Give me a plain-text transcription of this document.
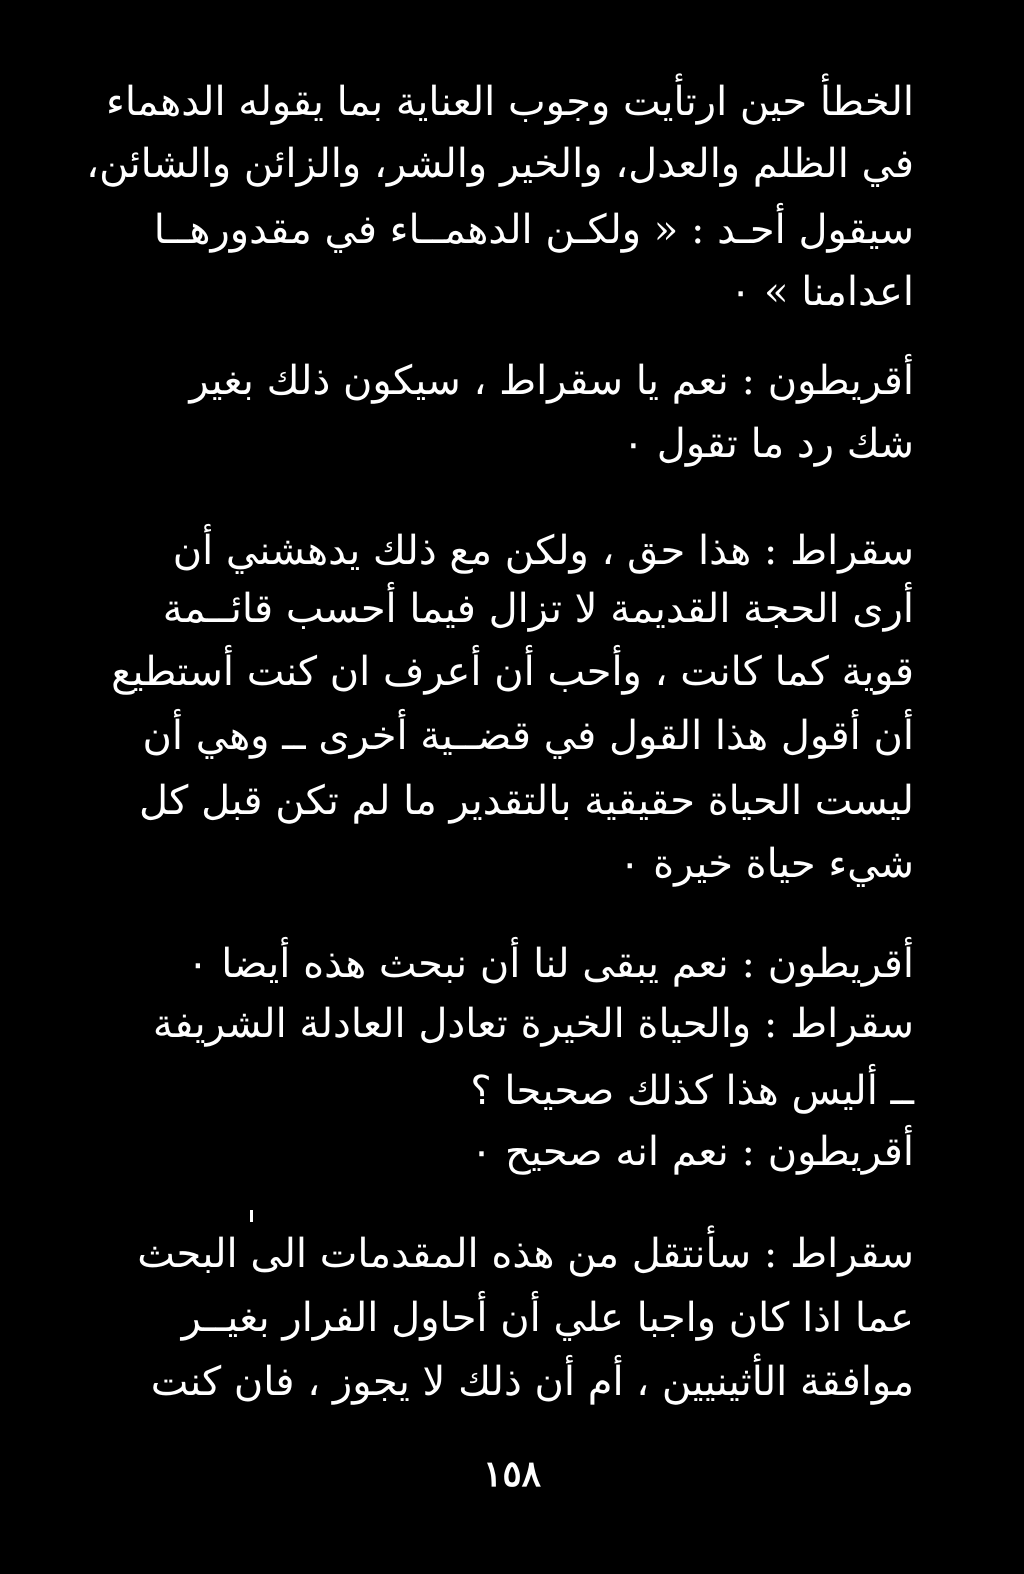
الخطأ حين ارتأيت وجوب العناية بما يقوله الدهماء
في الظلم والعدل، والخير والشر، والزائن والشائن،
سيقول أحـد : « ولكـن الدهمــاء في مقدورهــا
اعدامنا » ٠
أقريطون : نعم يا سقراط ، سيكون ذلك بغير
شك رد ما تقول ٠
سقراط : هذا حق ، ولكن مع ذلك يدهشني أن
أرى الحجة القديمة لا تزال فيما أحسب قائــمة
قوية كما كانت ، وأحب أن أعرف ان كنت أستطيع
أن أقول هذا القول في قضــية أخرى ــ وهي أن
ليست الحياة حقيقية بالتقدير ما لم تكن قبل كل
شيء حياة خيرة ٠
أقريطون : نعم يبقى لنا أن نبحث هذه أيضا ٠
سقراط : والحياة الخيرة تعادل العادلة الشريفة
ــ أليس هذا كذلك صحيحا ؟
أقريطون : نعم انه صحيح ٠
سقراط : سأنتقل من هذه المقدمات الى البحث
عما اذا كان واجبا علي أن أحاول الفرار بغيــر
موافقة الأثينيين ، أم أن ذلك لا يجوز ، فان كنت
١٥٨
